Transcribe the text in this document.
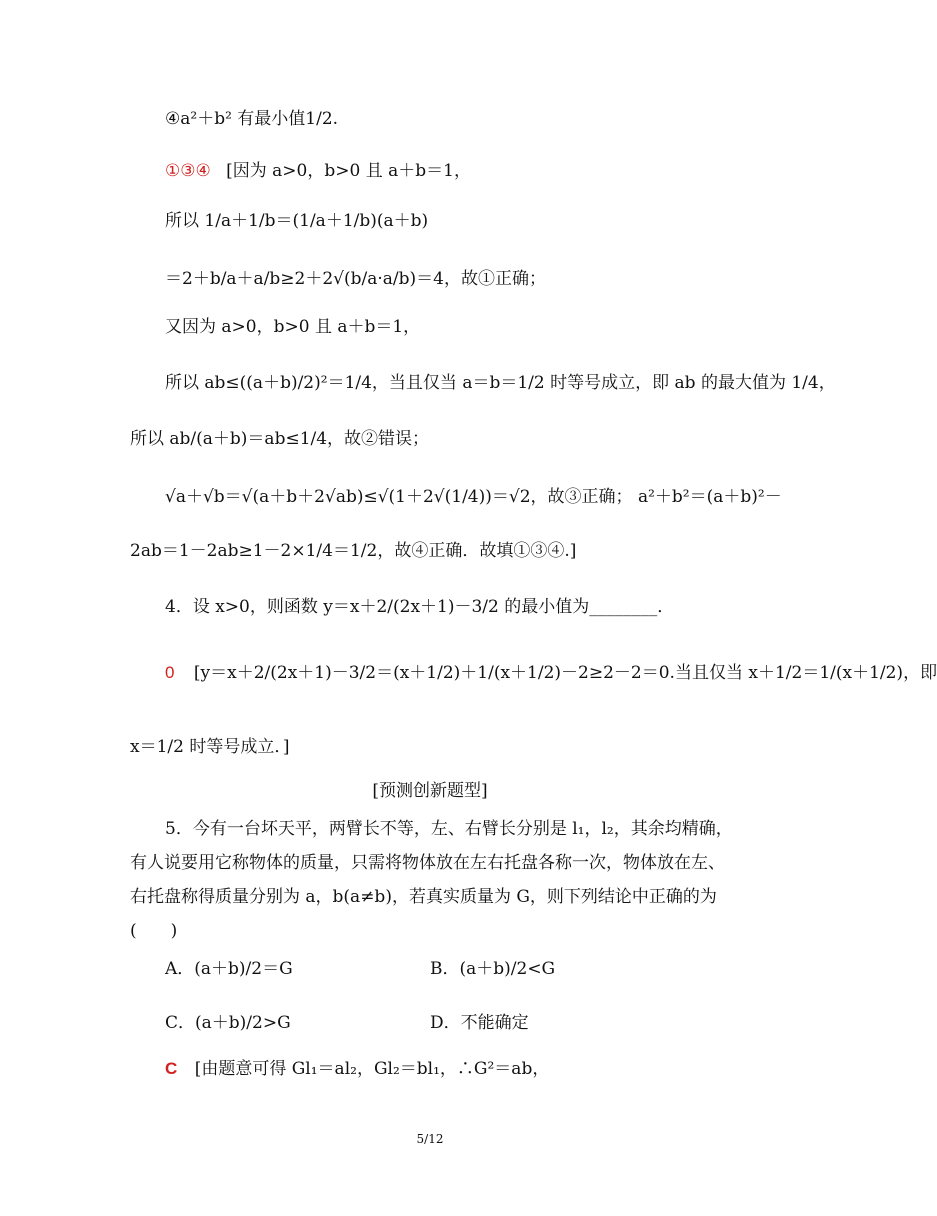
④a²＋b² 有最小值1/2.
①③④ [因为 a>0，b>0 且 a＋b＝1，
所以 1/a＋1/b＝(1/a＋1/b)(a＋b)
＝2＋b/a＋a/b≥2＋2√(b/a·a/b)＝4，故①正确；
又因为 a>0，b>0 且 a＋b＝1，
所以 ab≤((a＋b)/2)²＝1/4，当且仅当 a＝b＝1/2 时等号成立，即 ab 的最大值为 1/4，
所以 ab/(a＋b)＝ab≤1/4，故②错误；
√a＋√b＝√(a＋b＋2√ab)≤√(1＋2√(1/4))＝√2，故③正确； a²＋b²＝(a＋b)²－
2ab＝1－2ab≥1－2×1/4＝1/2，故④正确．故填①③④.]
4．设 x>0，则函数 y＝x＋2/(2x＋1)－3/2 的最小值为________．
0 [y＝x＋2/(2x＋1)－3/2＝(x＋1/2)＋1/(x＋1/2)－2≥2－2＝0.当且仅当 x＋1/2＝1/(x＋1/2)，即
x＝1/2 时等号成立．]
[预测创新题型]
5．今有一台坏天平，两臂长不等，左、右臂长分别是 l₁，l₂，其余均精确，
有人说要用它称物体的质量，只需将物体放在左右托盘各称一次，物体放在左、
右托盘称得质量分别为 a，b(a≠b)，若真实质量为 G，则下列结论中正确的为
(　　)
A．(a＋b)/2＝G	B．(a＋b)/2<G
C．(a＋b)/2>G	D．不能确定
C [由题意可得 Gl₁＝al₂，Gl₂＝bl₁，∴G²＝ab，
5/12
